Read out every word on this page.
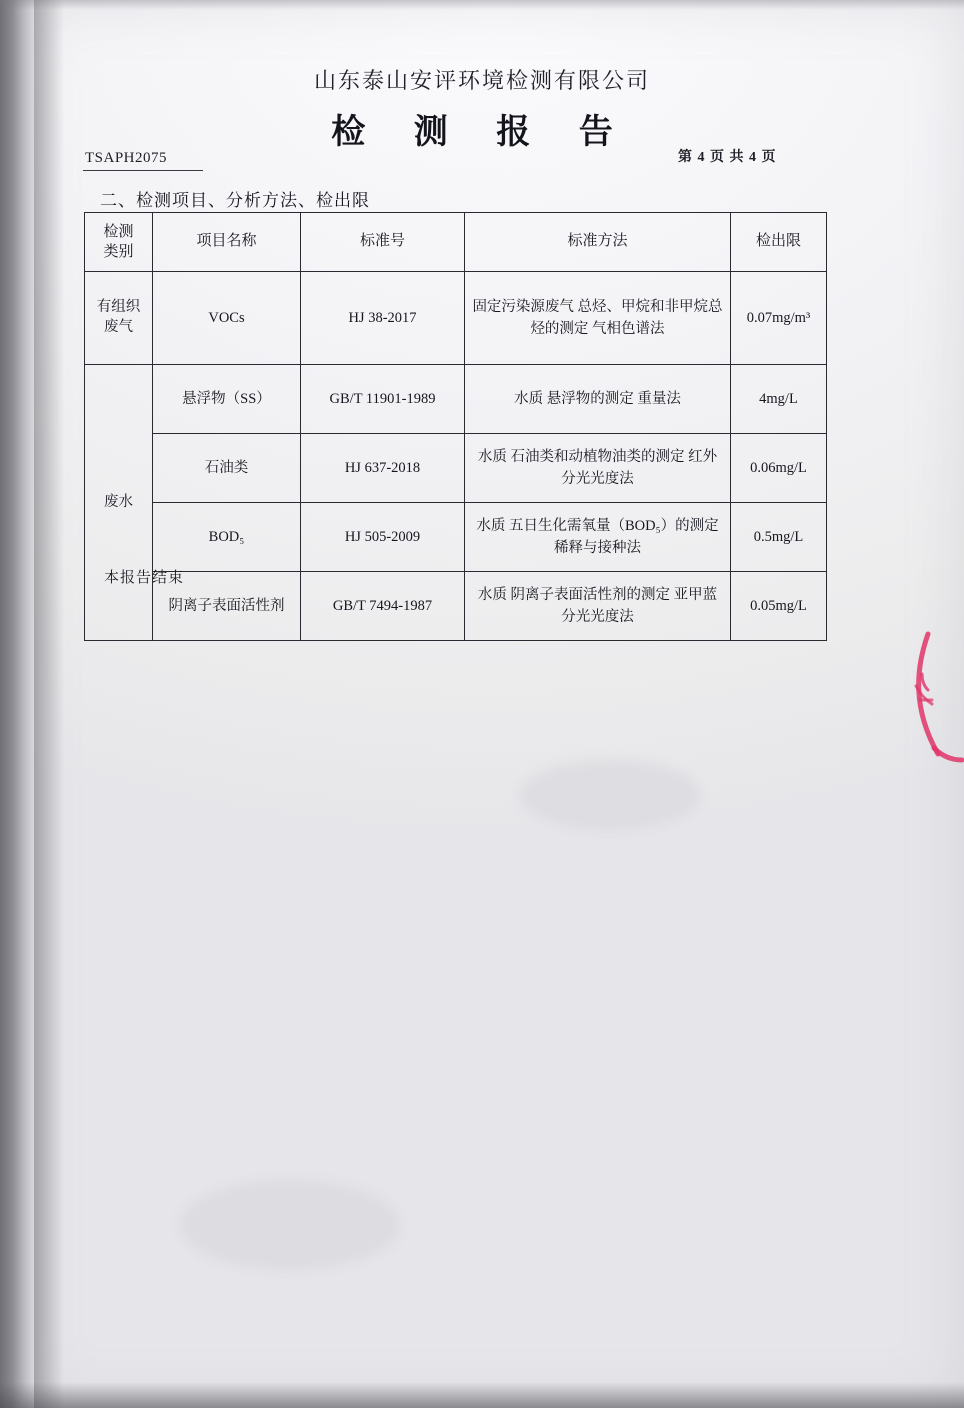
山东泰山安评环境检测有限公司
检 测 报 告
TSAPH2075	第 4 页 共 4 页
二、检测项目、分析方法、检出限
检测
类别	项目名称	标准号	标准方法	检出限

有组织
废气	VOCs	HJ 38-2017	固定污染源废气 总烃、甲烷和非甲烷总烃的测定 气相色谱法	0.07mg/m³
废水	悬浮物（SS）	GB/T 11901-1989	水质 悬浮物的测定 重量法	4mg/L
	石油类	HJ 637-2018	水质 石油类和动植物油类的测定 红外分光光度法	0.06mg/L
	BOD₅	HJ 505-2009	水质 五日生化需氧量（BOD₅）的测定 稀释与接种法	0.5mg/L
	阴离子表面活性剂	GB/T 7494-1987	水质 阴离子表面活性剂的测定 亚甲蓝分光光度法	0.05mg/L
本报告结束
